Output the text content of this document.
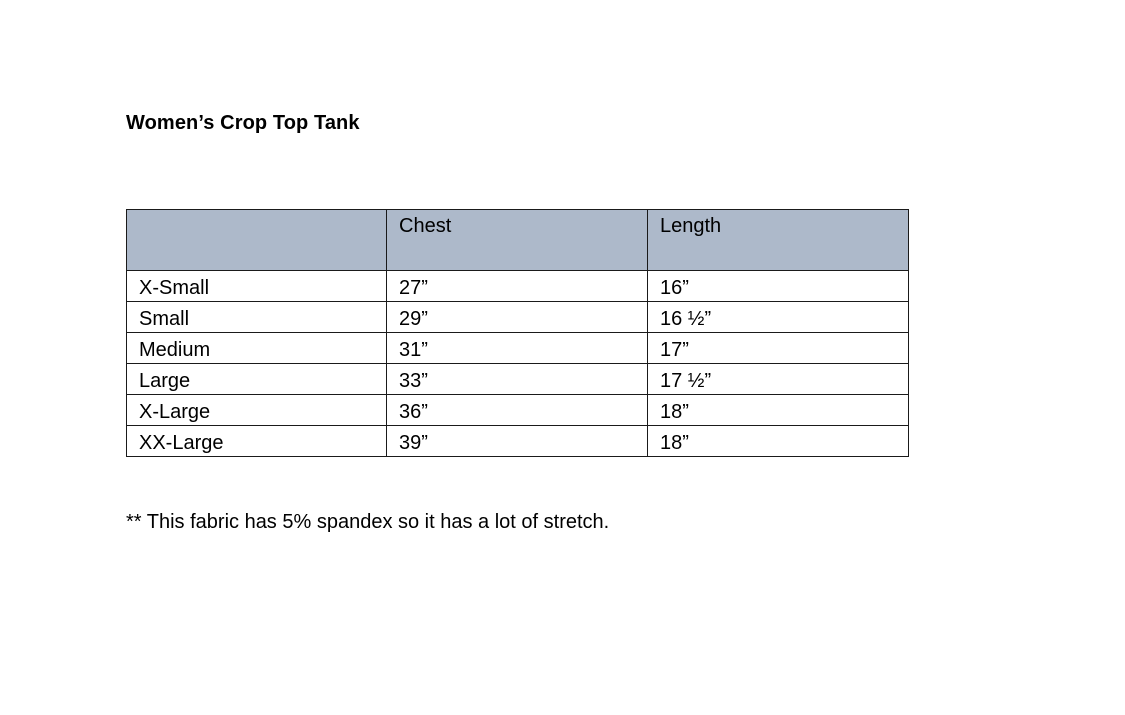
Women’s Crop Top Tank
	Chest	Length
X-Small	27”	16”
Small	29”	16 ½”
Medium	31”	17”
Large	33”	17 ½”
X-Large	36”	18”
XX-Large	39”	18”
** This fabric has 5% spandex so it has a lot of stretch.
